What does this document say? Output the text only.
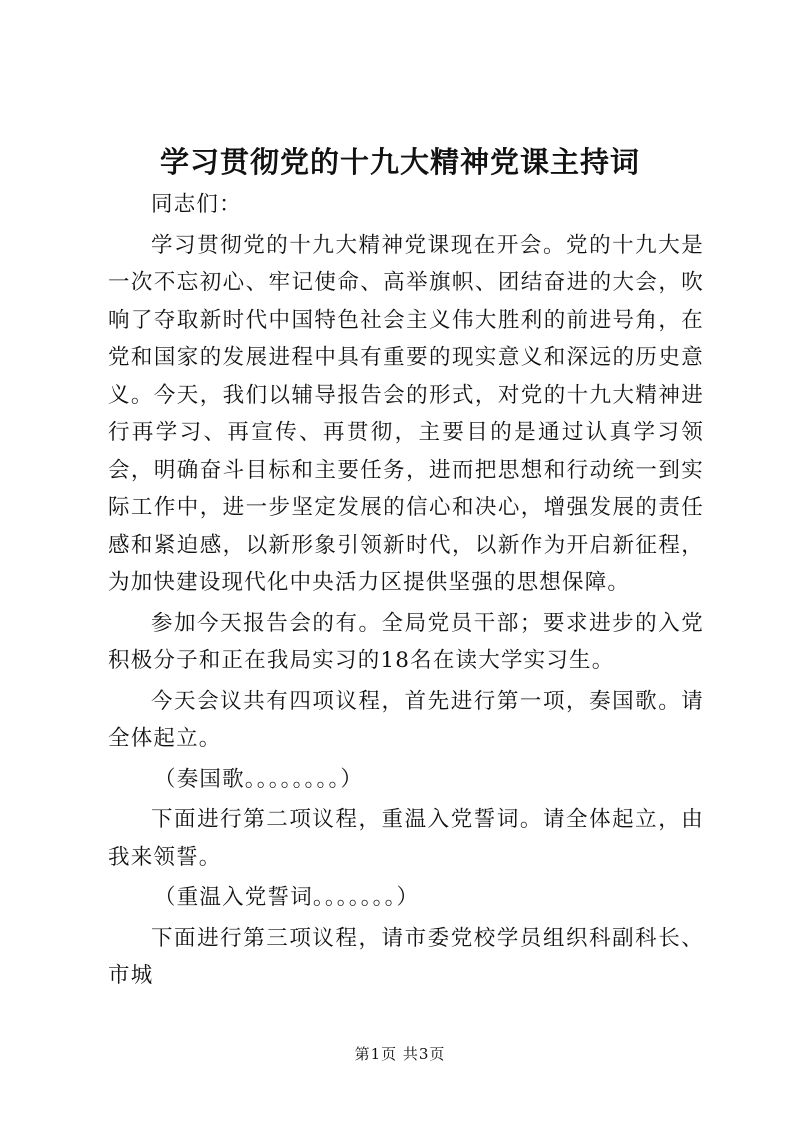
学习贯彻党的十九大精神党课主持词

同志们：

学习贯彻党的十九大精神党课现在开会。党的十九大是一次不忘初心、牢记使命、高举旗帜、团结奋进的大会，吹响了夺取新时代中国特色社会主义伟大胜利的前进号角，在党和国家的发展进程中具有重要的现实意义和深远的历史意义。今天，我们以辅导报告会的形式，对党的十九大精神进行再学习、再宣传、再贯彻，主要目的是通过认真学习领会，明确奋斗目标和主要任务，进而把思想和行动统一到实际工作中，进一步坚定发展的信心和决心，增强发展的责任感和紧迫感，以新形象引领新时代，以新作为开启新征程，为加快建设现代化中央活力区提供坚强的思想保障。

参加今天报告会的有。全局党员干部；要求进步的入党积极分子和正在我局实习的18名在读大学实习生。

今天会议共有四项议程，首先进行第一项，奏国歌。请全体起立。

（奏国歌。。。。。。。。）

下面进行第二项议程，重温入党誓词。请全体起立，由我来领誓。

（重温入党誓词。。。。。。。）

下面进行第三项议程，请市委党校学员组织科副科长、市城

第1页 共3页
